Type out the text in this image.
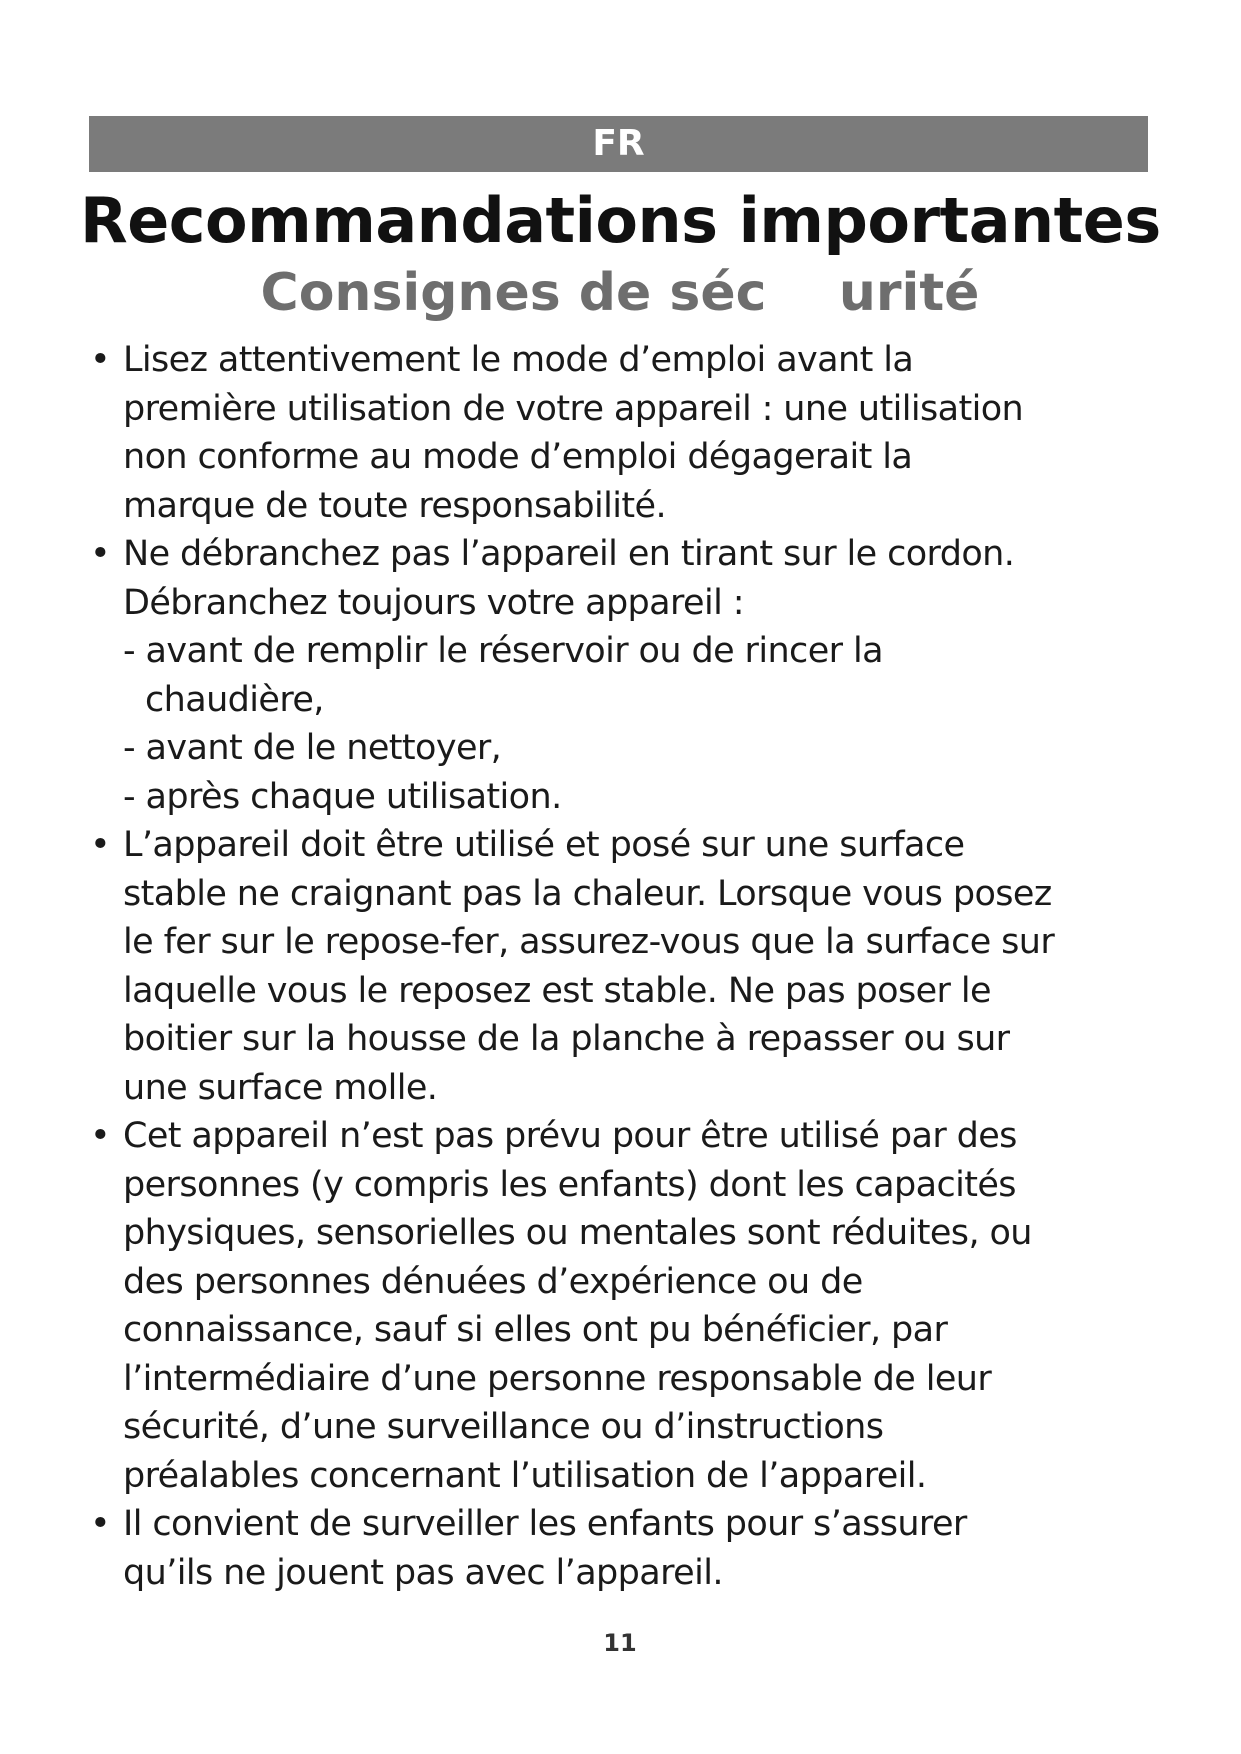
FR
Recommandations importantes
Consignes de séc    urité
• Lisez attentivement le mode d’emploi avant la
première utilisation de votre appareil : une utilisation
non conforme au mode d’emploi dégagerait la
marque de toute responsabilité.
• Ne débranchez pas l’appareil en tirant sur le cordon.
Débranchez toujours votre appareil :
- avant de remplir le réservoir ou de rincer la
chaudière,
- avant de le nettoyer,
- après chaque utilisation.
• L’appareil doit être utilisé et posé sur une surface
stable ne craignant pas la chaleur. Lorsque vous posez
le fer sur le repose-fer, assurez-vous que la surface sur
laquelle vous le reposez est stable. Ne pas poser le
boitier sur la housse de la planche à repasser ou sur
une surface molle.
• Cet appareil n’est pas prévu pour être utilisé par des
personnes (y compris les enfants) dont les capacités
physiques, sensorielles ou mentales sont réduites, ou
des personnes dénuées d’expérience ou de
connaissance, sauf si elles ont pu bénéficier, par
l’intermédiaire d’une personne responsable de leur
sécurité, d’une surveillance ou d’instructions
préalables concernant l’utilisation de l’appareil.
• Il convient de surveiller les enfants pour s’assurer
qu’ils ne jouent pas avec l’appareil.
11
